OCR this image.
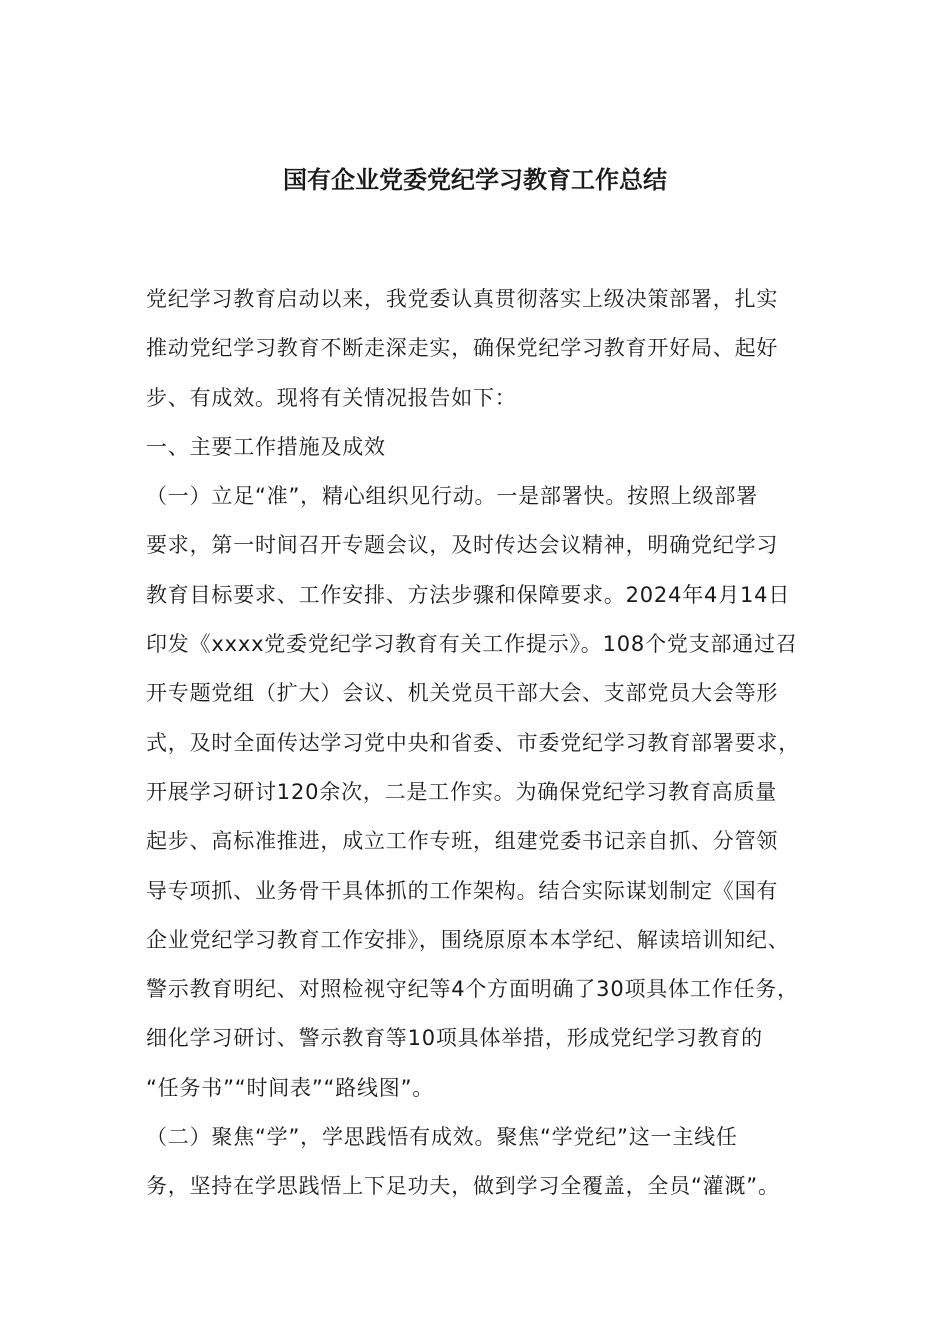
国有企业党委党纪学习教育工作总结
党纪学习教育启动以来，我党委认真贯彻落实上级决策部署，扎实
推动党纪学习教育不断走深走实，确保党纪学习教育开好局、起好
步、有成效。现将有关情况报告如下：
一、主要工作措施及成效
（一）立足“准”，精心组织见行动。一是部署快。按照上级部署
要求，第一时间召开专题会议，及时传达会议精神，明确党纪学习
教育目标要求、工作安排、方法步骤和保障要求。2024年4月14日
印发《xxxx党委党纪学习教育有关工作提示》。108个党支部通过召
开专题党组（扩大）会议、机关党员干部大会、支部党员大会等形
式，及时全面传达学习党中央和省委、市委党纪学习教育部署要求，
开展学习研讨120余次，二是工作实。为确保党纪学习教育高质量
起步、高标准推进，成立工作专班，组建党委书记亲自抓、分管领
导专项抓、业务骨干具体抓的工作架构。结合实际谋划制定《国有
企业党纪学习教育工作安排》，围绕原原本本学纪、解读培训知纪、
警示教育明纪、对照检视守纪等4个方面明确了30项具体工作任务，
细化学习研讨、警示教育等10项具体举措，形成党纪学习教育的
“任务书”“时间表”“路线图”。
（二）聚焦“学”，学思践悟有成效。聚焦“学党纪”这一主线任
务，坚持在学思践悟上下足功夫，做到学习全覆盖，全员“灌溉”。
